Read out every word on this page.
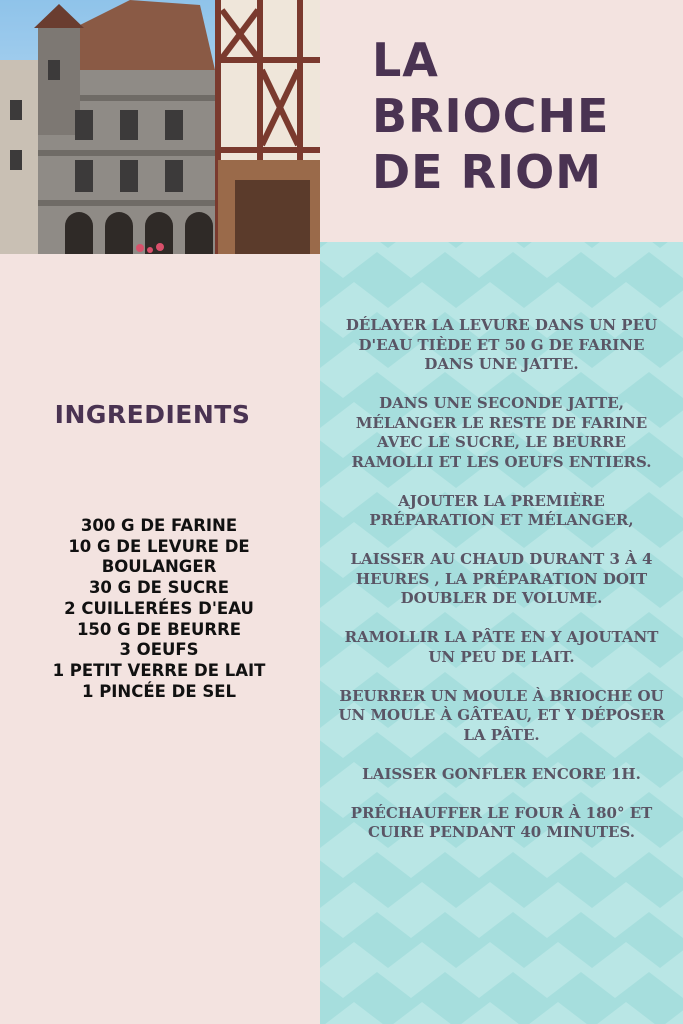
LA
BRIOCHE
DE RIOM
INGREDIENTS
300 G DE FARINE
10 G DE LEVURE DE
BOULANGER
30 G DE SUCRE
2 CUILLERÉES D'EAU
150 G DE BEURRE
3 OEUFS
1 PETIT VERRE DE LAIT
1 PINCÉE DE SEL
DÉLAYER LA LEVURE DANS UN PEU
D'EAU TIÈDE ET 50 G DE FARINE
DANS UNE JATTE.
DANS UNE SECONDE JATTE,
MÉLANGER LE RESTE DE FARINE
AVEC LE SUCRE, LE BEURRE
RAMOLLI ET LES OEUFS ENTIERS.
AJOUTER LA PREMIÈRE
PRÉPARATION ET MÉLANGER,
LAISSER AU CHAUD DURANT 3 À 4
HEURES , LA PRÉPARATION DOIT
DOUBLER DE VOLUME.
RAMOLLIR LA PÂTE EN Y AJOUTANT
UN PEU DE LAIT.
BEURRER UN MOULE À BRIOCHE OU
UN MOULE À GÂTEAU, ET Y DÉPOSER
LA PÂTE.
LAISSER GONFLER ENCORE 1H.
PRÉCHAUFFER LE FOUR À 180° ET
CUIRE PENDANT 40 MINUTES.
